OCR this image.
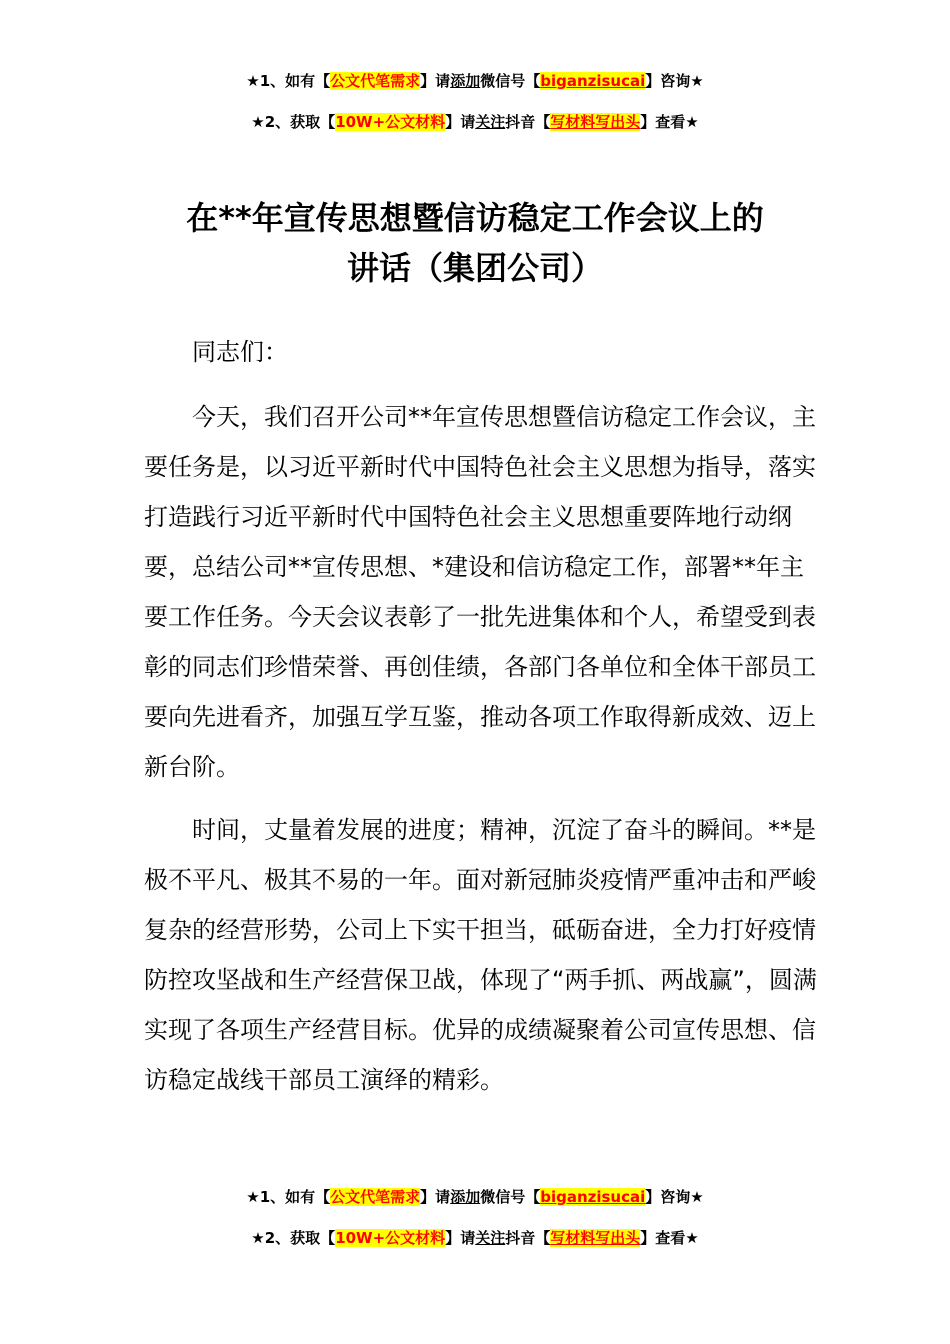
★1、如有【公文代笔需求】请添加微信号【biganzisucai】咨询★
★2、获取【10W+公文材料】请关注抖音【写材料写出头】查看★
在**年宣传思想暨信访稳定工作会议上的
讲话（集团公司）

同志们：

今天，我们召开公司**年宣传思想暨信访稳定工作会议，主要任务是，以习近平新时代中国特色社会主义思想为指导，落实打造践行习近平新时代中国特色社会主义思想重要阵地行动纲要，总结公司**宣传思想、*建设和信访稳定工作，部署**年主要工作任务。今天会议表彰了一批先进集体和个人，希望受到表彰的同志们珍惜荣誉、再创佳绩，各部门各单位和全体干部员工要向先进看齐，加强互学互鉴，推动各项工作取得新成效、迈上新台阶。

时间，丈量着发展的进度；精神，沉淀了奋斗的瞬间。**是极不平凡、极其不易的一年。面对新冠肺炎疫情严重冲击和严峻复杂的经营形势，公司上下实干担当，砥砺奋进，全力打好疫情防控攻坚战和生产经营保卫战，体现了“两手抓、两战赢”，圆满实现了各项生产经营目标。优异的成绩凝聚着公司宣传思想、信访稳定战线干部员工演绎的精彩。

★1、如有【公文代笔需求】请添加微信号【biganzisucai】咨询★
★2、获取【10W+公文材料】请关注抖音【写材料写出头】查看★
